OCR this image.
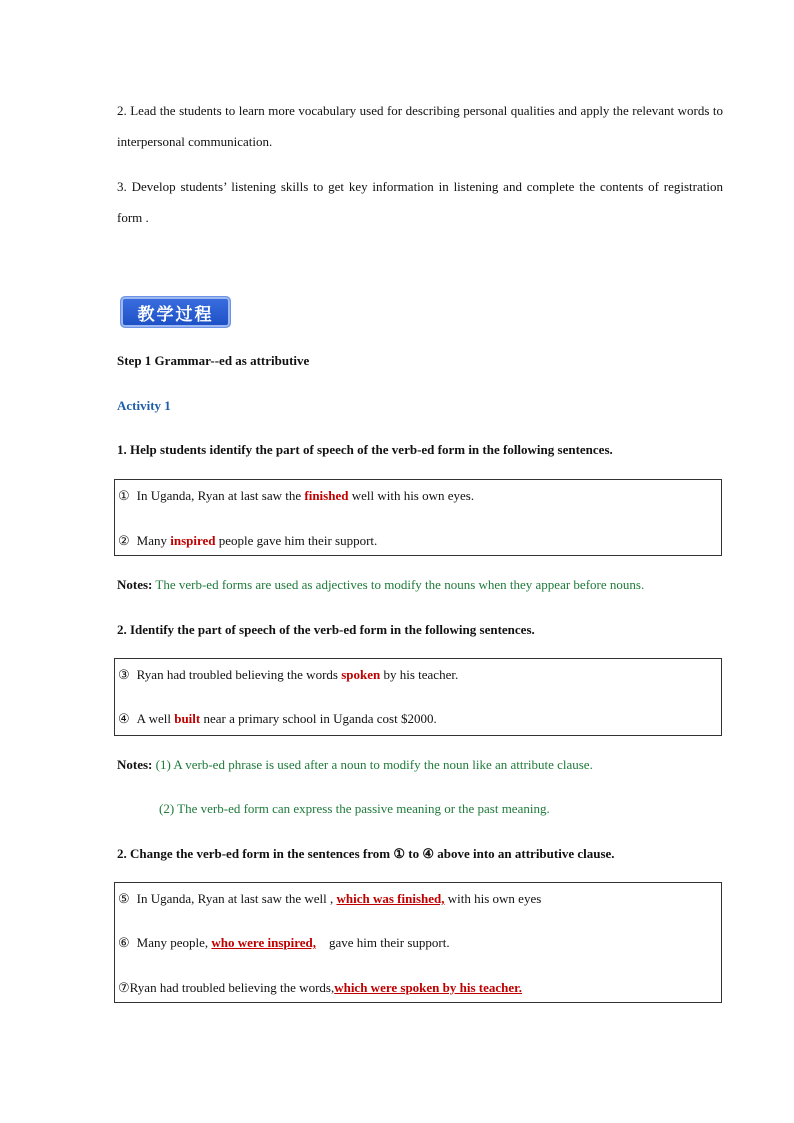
2. Lead the students to learn more vocabulary used for describing personal qualities and apply the relevant words to interpersonal communication.

3. Develop students’ listening skills to get key information in listening and complete the contents of registration form .

教学过程

Step 1 Grammar--ed as attributive

Activity 1

1. Help students identify the part of speech of the verb-ed form in the following sentences.

① In Uganda, Ryan at last saw the finished well with his own eyes.
② Many inspired people gave him their support.

Notes: The verb-ed forms are used as adjectives to modify the nouns when they appear before nouns.

2. Identify the part of speech of the verb-ed form in the following sentences.

③ Ryan had troubled believing the words spoken by his teacher.
④ A well built near a primary school in Uganda cost $2000.

Notes: (1) A verb-ed phrase is used after a noun to modify the noun like an attribute clause.

(2) The verb-ed form can express the passive meaning or the past meaning.

2. Change the verb-ed form in the sentences from ① to ④ above into an attributive clause.

⑤ In Uganda, Ryan at last saw the well , which was finished, with his own eyes
⑥ Many people, who were inspired,    gave him their support.
⑦Ryan had troubled believing the words,which were spoken by his teacher.
